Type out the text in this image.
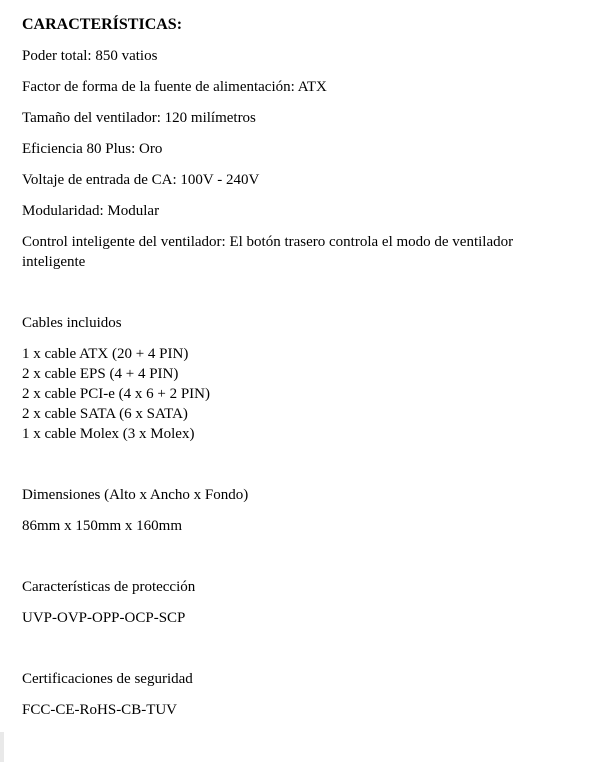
CARACTERÍSTICAS:

Poder total: 850 vatios

Factor de forma de la fuente de alimentación: ATX

Tamaño del ventilador: 120 milímetros

Eficiencia 80 Plus: Oro

Voltaje de entrada de CA: 100V - 240V

Modularidad: Modular

Control inteligente del ventilador: El botón trasero controla el modo de ventilador inteligente

Cables incluidos

1 x cable ATX (20 + 4 PIN)

2 x cable EPS (4 + 4 PIN)

2 x cable PCI-e (4 x 6 + 2 PIN)

2 x cable SATA (6 x SATA)

1 x cable Molex (3 x Molex)

Dimensiones (Alto x Ancho x Fondo)

86mm x 150mm x 160mm

Características de protección

UVP-OVP-OPP-OCP-SCP

Certificaciones de seguridad

FCC-CE-RoHS-CB-TUV
